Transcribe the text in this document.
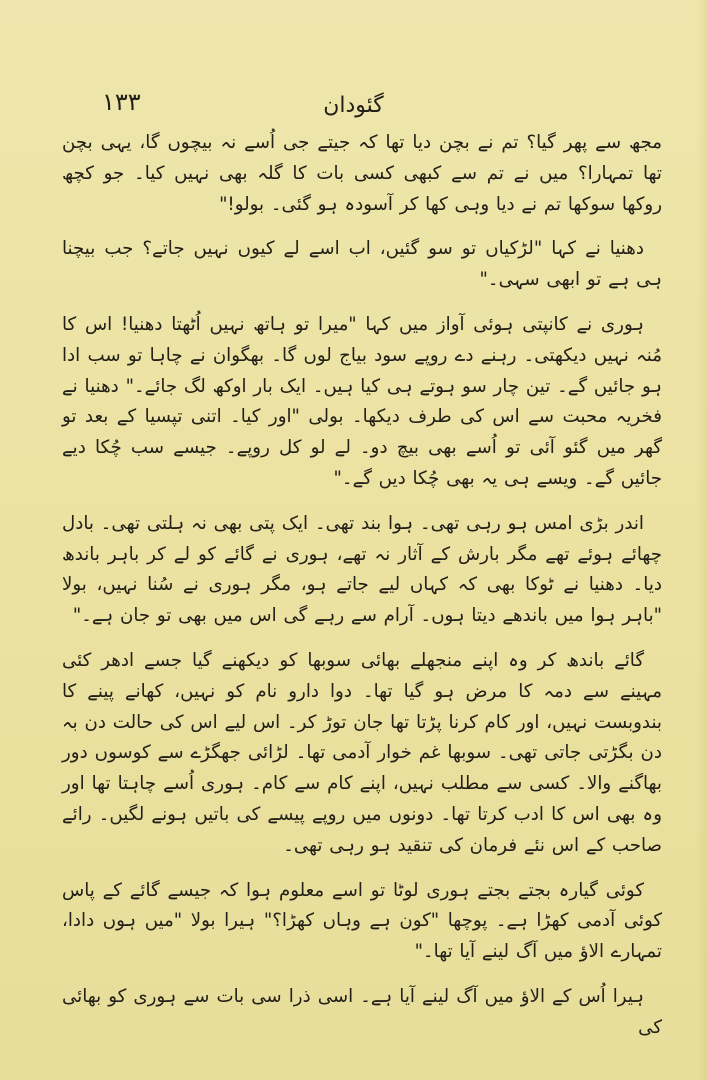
۱۳۳	گئودان

مجھ سے پھر گیا؟ تم نے بچن دیا تھا کہ جیتے جی اُسے نہ بیچوں گا، یہی بچن تھا تمہارا؟ میں نے تم سے کبھی کسی بات کا گلہ بھی نہیں کیا۔ جو کچھ روکھا سوکھا تم نے دیا وہی کھا کر آسودہ ہو گئی۔ بولو!"

دھنیا نے کہا "لڑکیاں تو سو گئیں، اب اسے لے کیوں نہیں جاتے؟ جب بیچنا ہی ہے تو ابھی سہی۔"

ہوری نے کانپتی ہوئی آواز میں کہا "میرا تو ہاتھ نہیں اُٹھتا دھنیا! اس کا مُنہ نہیں دیکھتی۔ رہنے دے روپے سود بیاج لوں گا۔ بھگوان نے چاہا تو سب ادا ہو جائیں گے۔ تین چار سو ہوتے ہی کیا ہیں۔ ایک بار اوکھ لگ جائے۔" دھنیا نے فخریہ محبت سے اس کی طرف دیکھا۔ بولی "اور کیا۔ اتنی تپسیا کے بعد تو گھر میں گئو آئی تو اُسے بھی بیچ دو۔ لے لو کل روپے۔ جیسے سب چُکا دیے جائیں گے۔ ویسے ہی یہ بھی چُکا دیں گے۔"

اندر بڑی امس ہو رہی تھی۔ ہوا بند تھی۔ ایک پتی بھی نہ ہلتی تھی۔ بادل چھائے ہوئے تھے مگر بارش کے آثار نہ تھے، ہوری نے گائے کو لے کر باہر باندھ دیا۔ دھنیا نے ٹوکا بھی کہ کہاں لیے جاتے ہو، مگر ہوری نے سُنا نہیں، بولا "باہر ہوا میں باندھے دیتا ہوں۔ آرام سے رہے گی اس میں بھی تو جان ہے۔"

گائے باندھ کر وہ اپنے منجھلے بھائی سوبھا کو دیکھنے گیا جسے ادھر کئی مہینے سے دمہ کا مرض ہو گیا تھا۔ دوا دارو نام کو نہیں، کھانے پینے کا بندوبست نہیں، اور کام کرنا پڑتا تھا جان توڑ کر۔ اس لیے اس کی حالت دن بہ دن بگڑتی جاتی تھی۔ سوبھا غم خوار آدمی تھا۔ لڑائی جھگڑے سے کوسوں دور بھاگنے والا۔ کسی سے مطلب نہیں، اپنے کام سے کام۔ ہوری اُسے چاہتا تھا اور وہ بھی اس کا ادب کرتا تھا۔ دونوں میں روپے پیسے کی باتیں ہونے لگیں۔ رائے صاحب کے اس نئے فرمان کی تنقید ہو رہی تھی۔

کوئی گیارہ بجتے بجتے ہوری لوٹا تو اسے معلوم ہوا کہ جیسے گائے کے پاس کوئی آدمی کھڑا ہے۔ پوچھا "کون ہے وہاں کھڑا؟" ہیرا بولا "میں ہوں دادا، تمہارے الاؤ میں آگ لینے آیا تھا۔"

ہیرا اُس کے الاؤ میں آگ لینے آیا ہے۔ اسی ذرا سی بات سے ہوری کو بھائی کی
